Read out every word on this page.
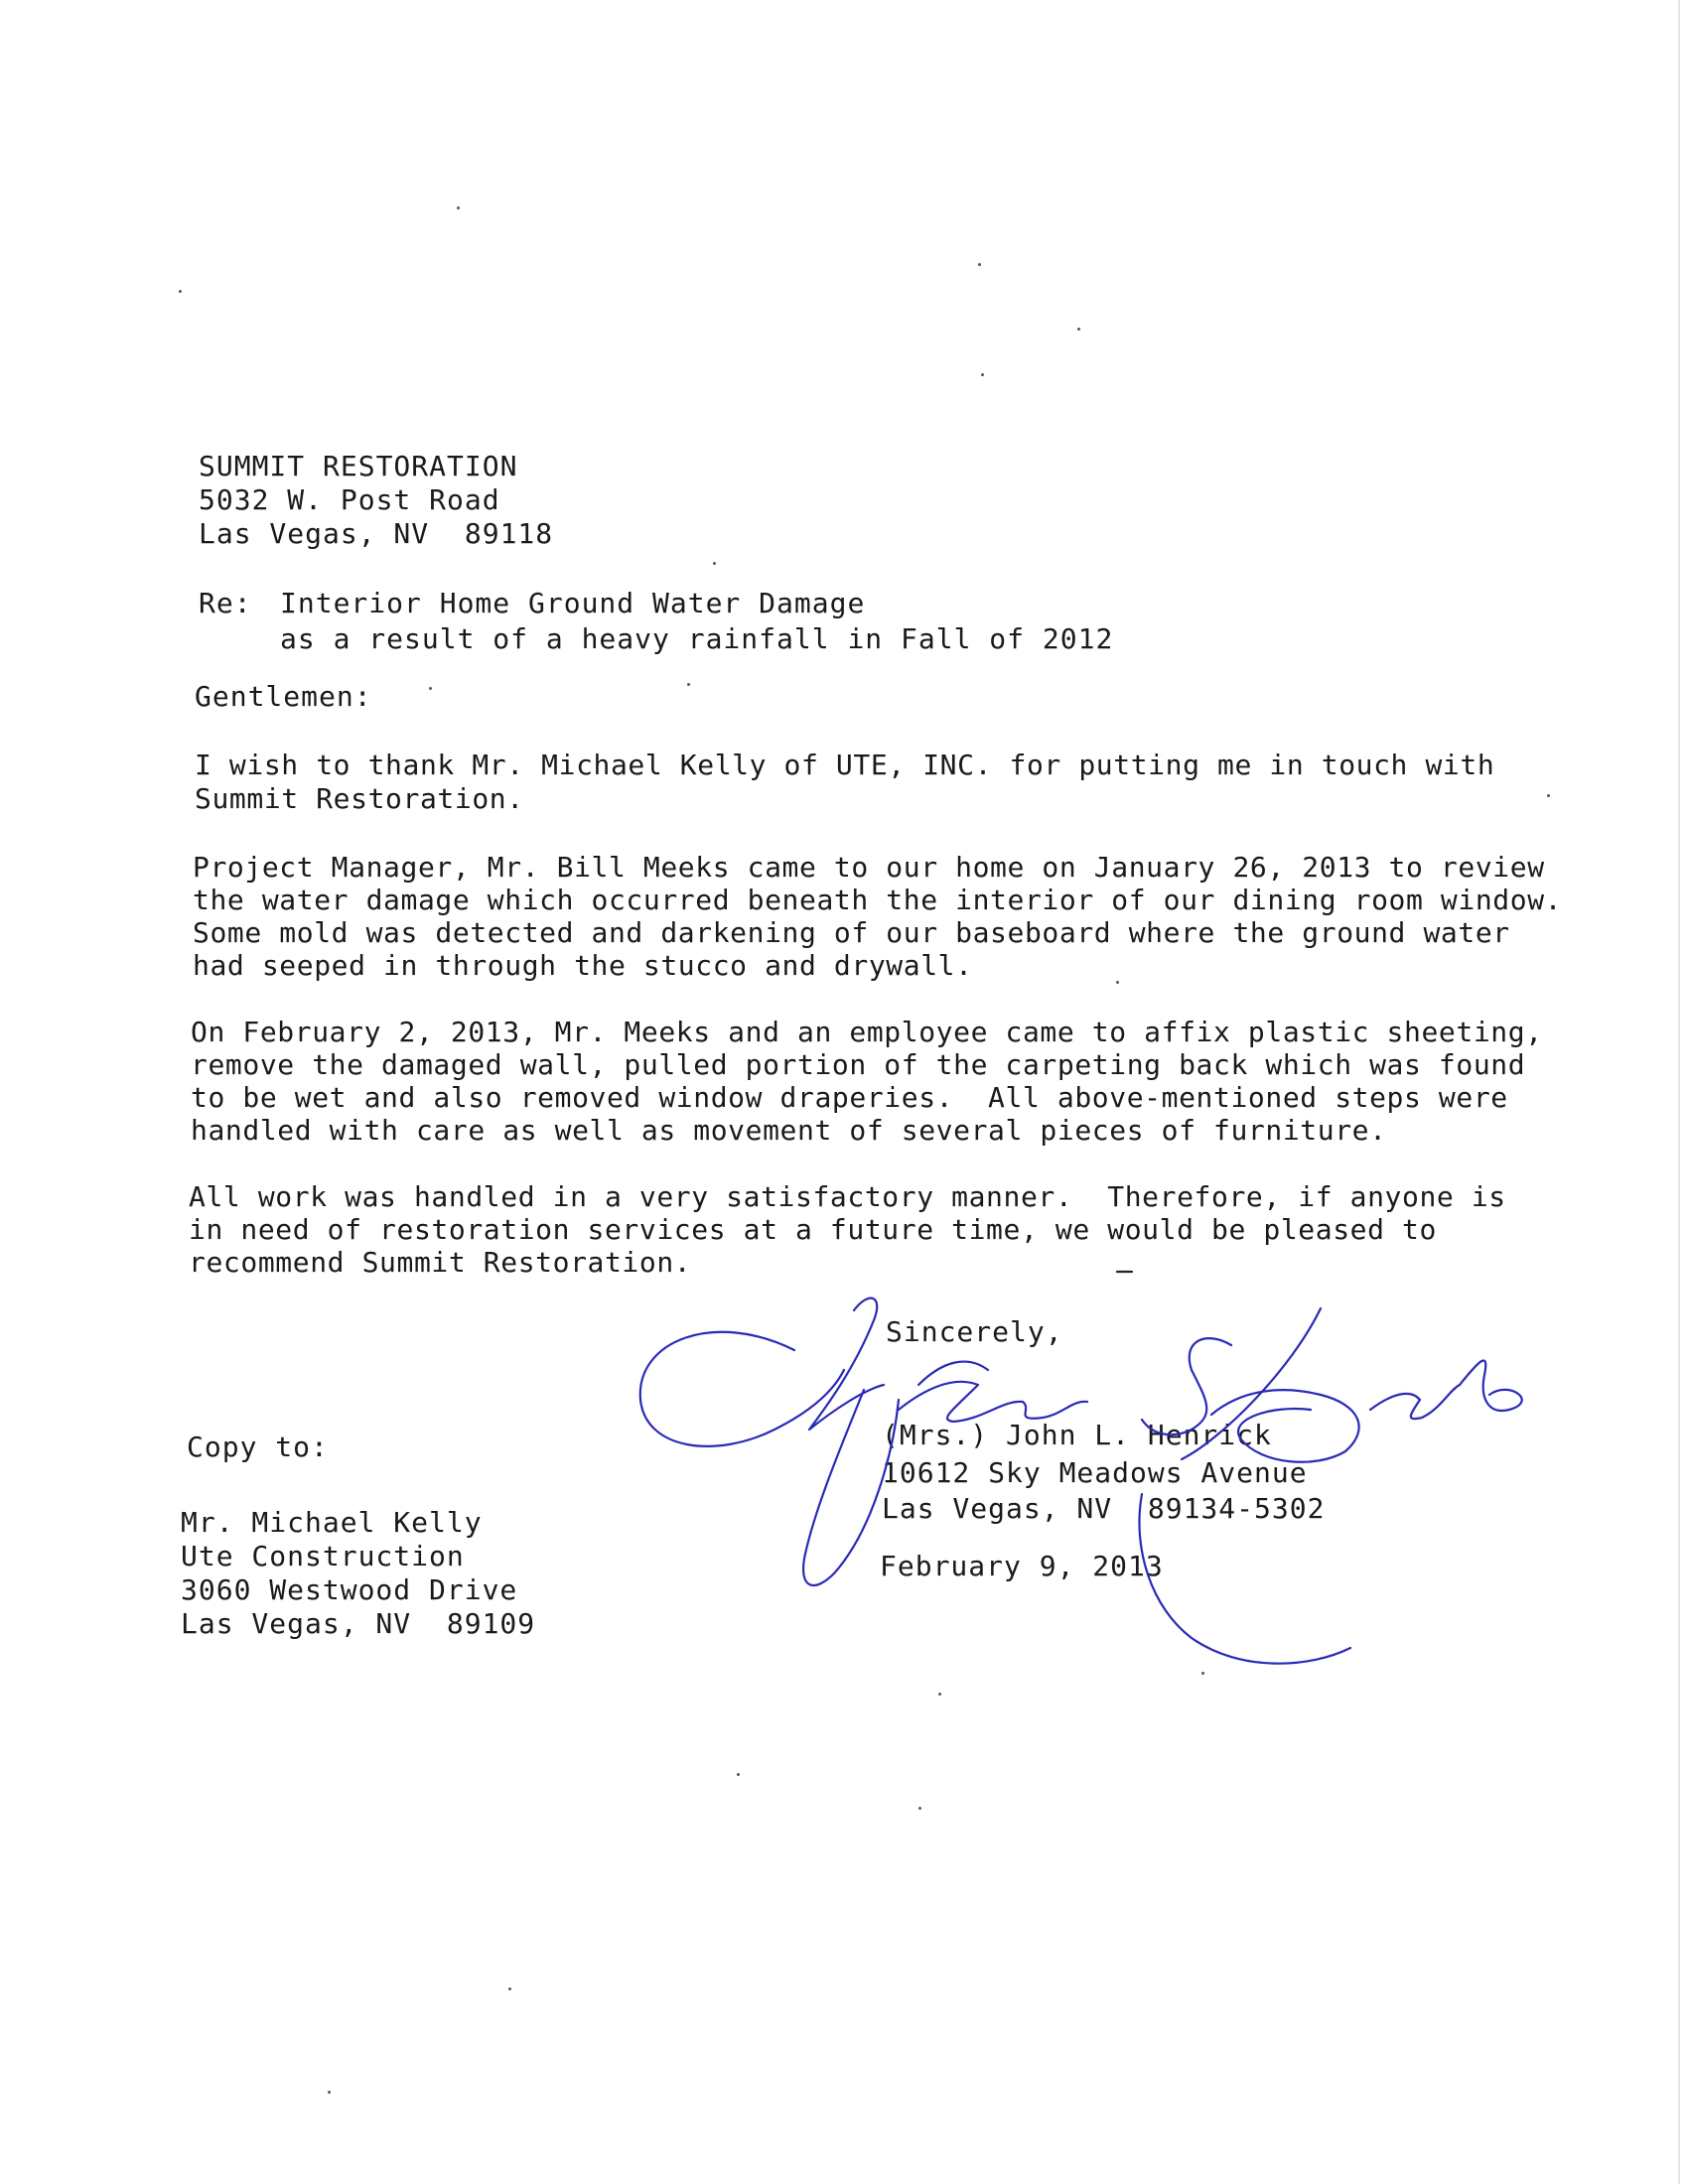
SUMMIT RESTORATION
5032 W. Post Road
Las Vegas, NV  89118
Re: Interior Home Ground Water Damage
as a result of a heavy rainfall in Fall of 2012
Gentlemen:
I wish to thank Mr. Michael Kelly of UTE, INC. for putting me in touch with
Summit Restoration.
Project Manager, Mr. Bill Meeks came to our home on January 26, 2013 to review
the water damage which occurred beneath the interior of our dining room window.
Some mold was detected and darkening of our baseboard where the ground water
had seeped in through the stucco and drywall.
On February 2, 2013, Mr. Meeks and an employee came to affix plastic sheeting,
remove the damaged wall, pulled portion of the carpeting back which was found
to be wet and also removed window draperies.  All above-mentioned steps were
handled with care as well as movement of several pieces of furniture.
All work was handled in a very satisfactory manner.  Therefore, if anyone is
in need of restoration services at a future time, we would be pleased to
recommend Summit Restoration.
Sincerely,
(Mrs.) John L. Henrick
10612 Sky Meadows Avenue
Las Vegas, NV  89134-5302
February 9, 2013
Copy to:
Mr. Michael Kelly
Ute Construction
3060 Westwood Drive
Las Vegas, NV  89109
